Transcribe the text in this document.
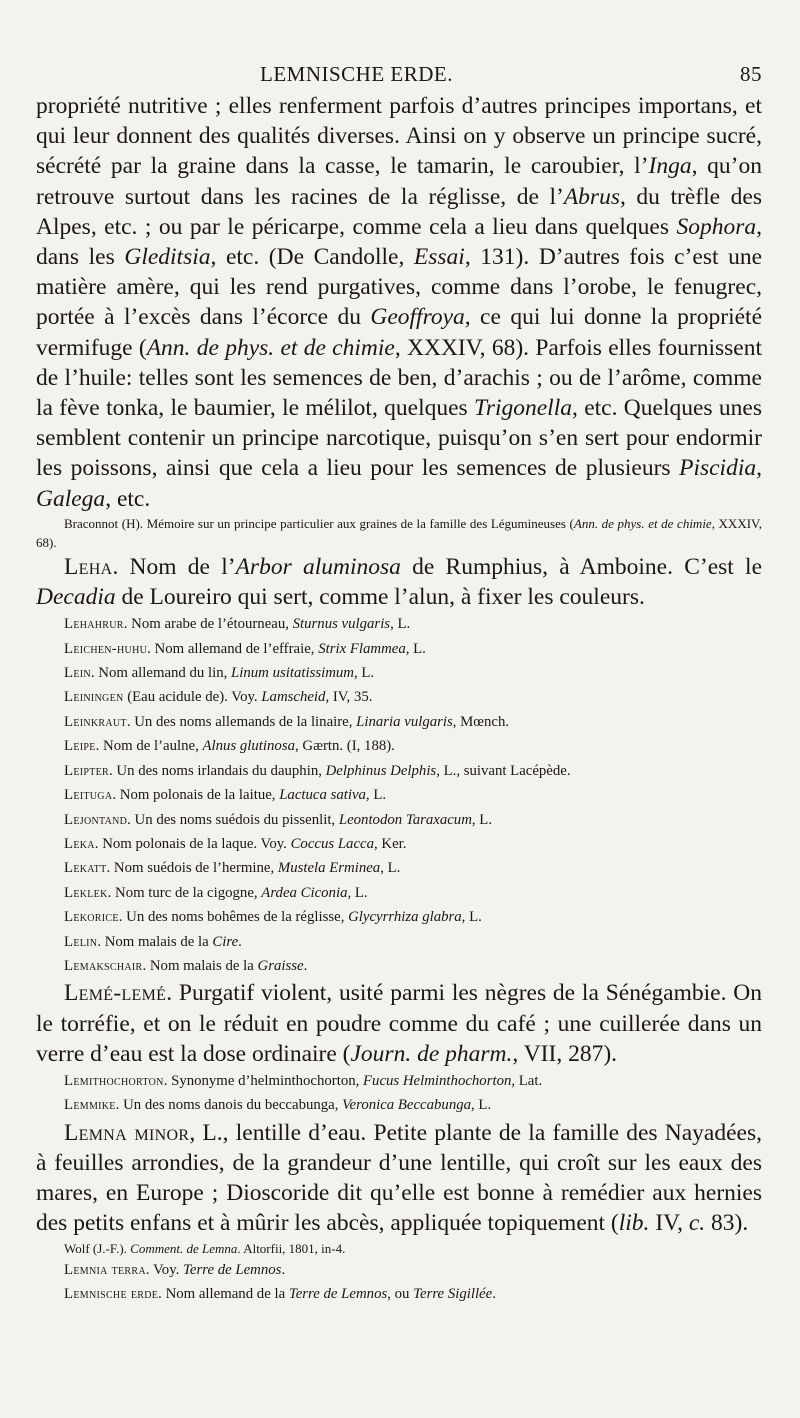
LEMNISCHE ERDE.	85

propriété nutritive ; elles renferment parfois d’autres principes importans, et qui leur donnent des qualités diverses. Ainsi on y observe un principe sucré, sécrété par la graine dans la casse, le tamarin, le caroubier, l’Inga, qu’on retrouve surtout dans les racines de la réglisse, de l’Abrus, du trèfle des Alpes, etc. ; ou par le péricarpe, comme cela a lieu dans quelques Sophora, dans les Gleditsia, etc. (De Candolle, Essai, 131). D’autres fois c’est une matière amère, qui les rend purgatives, comme dans l’orobe, le fenugrec, portée à l’excès dans l’écorce du Geoffroya, ce qui lui donne la propriété vermifuge (Ann. de phys. et de chimie, XXXIV, 68). Parfois elles fournissent de l’huile: telles sont les semences de ben, d’arachis ; ou de l’arôme, comme la fève tonka, le baumier, le mélilot, quelques Trigonella, etc. Quelques unes semblent contenir un principe narcotique, puisqu’on s’en sert pour endormir les poissons, ainsi que cela a lieu pour les semences de plusieurs Piscidia, Galega, etc.

Braconnot (H). Mémoire sur un principe particulier aux graines de la famille des Légumineuses (Ann. de phys. et de chimie, XXXIV, 68).

Leha. Nom de l’Arbor aluminosa de Rumphius, à Amboine. C’est le Decadia de Loureiro qui sert, comme l’alun, à fixer les couleurs.

Lehahrur. Nom arabe de l’étourneau, Sturnus vulgaris, L.

Leichen-huhu. Nom allemand de l’effraie, Strix Flammea, L.

Lein. Nom allemand du lin, Linum usitatissimum, L.

Leiningen (Eau acidule de). Voy. Lamscheid, IV, 35.

Leinkraut. Un des noms allemands de la linaire, Linaria vulgaris, Mœnch.

Leipe. Nom de l’aulne, Alnus glutinosa, Gærtn. (I, 188).

Leipter. Un des noms irlandais du dauphin, Delphinus Delphis, L., suivant Lacépède.

Leituga. Nom polonais de la laitue, Lactuca sativa, L.

Lejontand. Un des noms suédois du pissenlit, Leontodon Taraxacum, L.

Leka. Nom polonais de la laque. Voy. Coccus Lacca, Ker.

Lekatt. Nom suédois de l’hermine, Mustela Erminea, L.

Leklek. Nom turc de la cigogne, Ardea Ciconia, L.

Lekorice. Un des noms bohêmes de la réglisse, Glycyrrhiza glabra, L.

Lelin. Nom malais de la Cire.

Lemakschair. Nom malais de la Graisse.

Lemé-lemé. Purgatif violent, usité parmi les nègres de la Sénégambie. On le torréfie, et on le réduit en poudre comme du café ; une cuillerée dans un verre d’eau est la dose ordinaire (Journ. de pharm., VII, 287).

Lemithochorton. Synonyme d’helminthochorton, Fucus Helminthochorton, Lat.

Lemmike. Un des noms danois du beccabunga, Veronica Beccabunga, L.

Lemna minor, L., lentille d’eau. Petite plante de la famille des Nayadées, à feuilles arrondies, de la grandeur d’une lentille, qui croît sur les eaux des mares, en Europe ; Dioscoride dit qu’elle est bonne à remédier aux hernies des petits enfans et à mûrir les abcès, appliquée topiquement (lib. IV, c. 83).

Wolf (J.-F.). Comment. de Lemna. Altorfii, 1801, in-4.

Lemnia terra. Voy. Terre de Lemnos.

Lemnische erde. Nom allemand de la Terre de Lemnos, ou Terre Sigillée.
